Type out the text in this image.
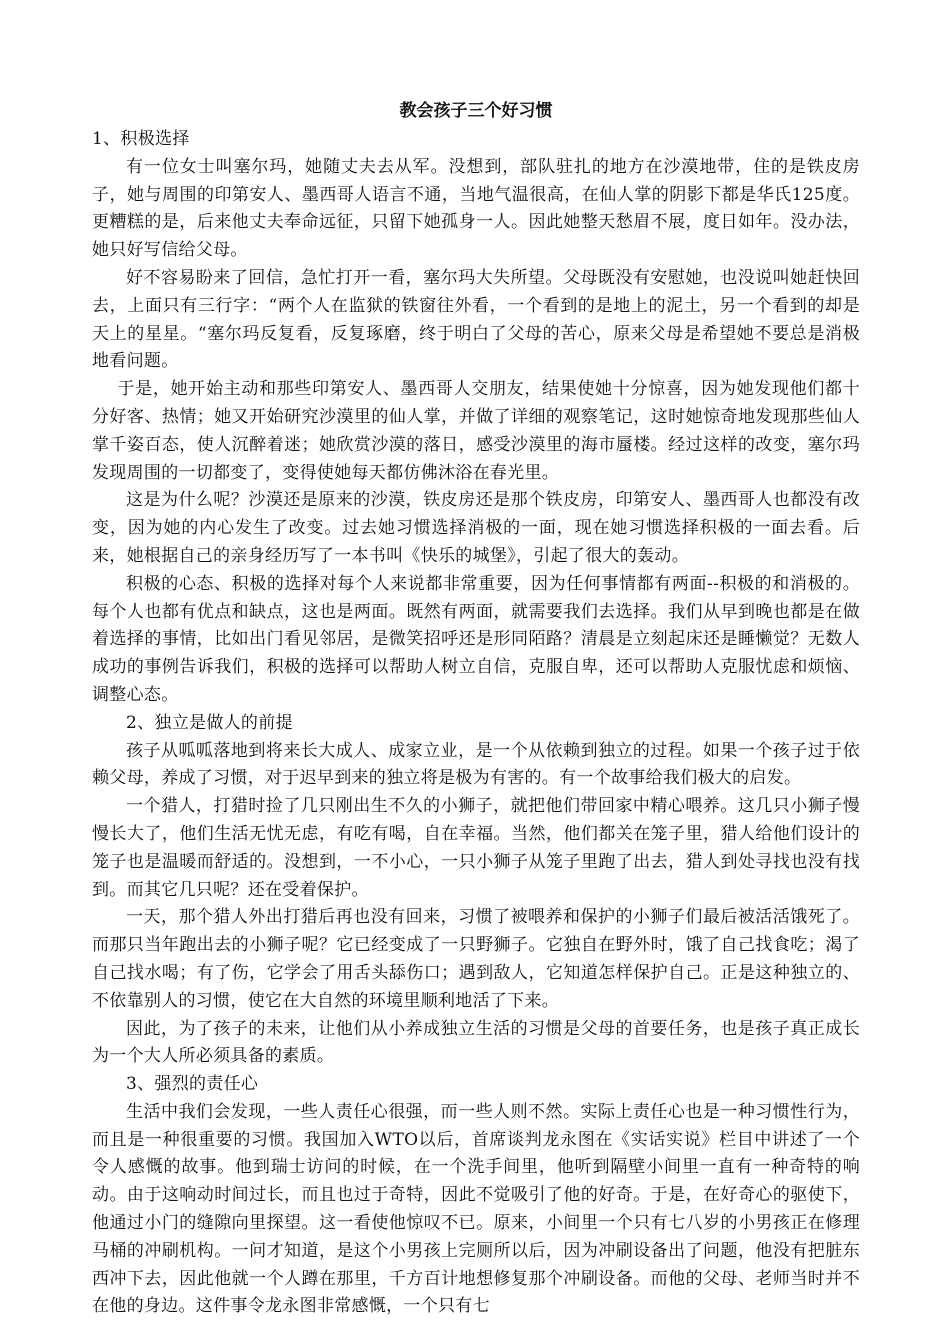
教会孩子三个好习惯
1、积极选择
有一位女士叫塞尔玛，她随丈夫去从军。没想到，部队驻扎的地方在沙漠地带，住的是铁皮房子，她与周围的印第安人、墨西哥人语言不通，当地气温很高，在仙人掌的阴影下都是华氏125度。更糟糕的是，后来他丈夫奉命远征，只留下她孤身一人。因此她整天愁眉不展，度日如年。没办法，她只好写信给父母。
好不容易盼来了回信，急忙打开一看，塞尔玛大失所望。父母既没有安慰她，也没说叫她赶快回去，上面只有三行字：“两个人在监狱的铁窗往外看，一个看到的是地上的泥土，另一个看到的却是天上的星星。“塞尔玛反复看，反复琢磨，终于明白了父母的苦心，原来父母是希望她不要总是消极地看问题。
于是，她开始主动和那些印第安人、墨西哥人交朋友，结果使她十分惊喜，因为她发现他们都十分好客、热情；她又开始研究沙漠里的仙人掌，并做了详细的观察笔记，这时她惊奇地发现那些仙人掌千姿百态，使人沉醉着迷；她欣赏沙漠的落日，感受沙漠里的海市蜃楼。经过这样的改变，塞尔玛发现周围的一切都变了，变得使她每天都仿佛沐浴在春光里。
这是为什么呢？沙漠还是原来的沙漠，铁皮房还是那个铁皮房，印第安人、墨西哥人也都没有改变，因为她的内心发生了改变。过去她习惯选择消极的一面，现在她习惯选择积极的一面去看。后来，她根据自己的亲身经历写了一本书叫《快乐的城堡》，引起了很大的轰动。
积极的心态、积极的选择对每个人来说都非常重要，因为任何事情都有两面--积极的和消极的。每个人也都有优点和缺点，这也是两面。既然有两面，就需要我们去选择。我们从早到晚也都是在做着选择的事情，比如出门看见邻居，是微笑招呼还是形同陌路？清晨是立刻起床还是睡懒觉？无数人成功的事例告诉我们，积极的选择可以帮助人树立自信，克服自卑，还可以帮助人克服忧虑和烦恼、调整心态。
2、独立是做人的前提
孩子从呱呱落地到将来长大成人、成家立业，是一个从依赖到独立的过程。如果一个孩子过于依赖父母，养成了习惯，对于迟早到来的独立将是极为有害的。有一个故事给我们极大的启发。
一个猎人，打猎时捡了几只刚出生不久的小狮子，就把他们带回家中精心喂养。这几只小狮子慢慢长大了，他们生活无忧无虑，有吃有喝，自在幸福。当然，他们都关在笼子里，猎人给他们设计的笼子也是温暖而舒适的。没想到，一不小心，一只小狮子从笼子里跑了出去，猎人到处寻找也没有找到。而其它几只呢？还在受着保护。
一天，那个猎人外出打猎后再也没有回来，习惯了被喂养和保护的小狮子们最后被活活饿死了。而那只当年跑出去的小狮子呢？它已经变成了一只野狮子。它独自在野外时，饿了自己找食吃；渴了自己找水喝；有了伤，它学会了用舌头舔伤口；遇到敌人，它知道怎样保护自己。正是这种独立的、不依靠别人的习惯，使它在大自然的环境里顺利地活了下来。
因此，为了孩子的未来，让他们从小养成独立生活的习惯是父母的首要任务，也是孩子真正成长为一个大人所必须具备的素质。
3、强烈的责任心
生活中我们会发现，一些人责任心很强，而一些人则不然。实际上责任心也是一种习惯性行为，而且是一种很重要的习惯。我国加入WTO以后，首席谈判龙永图在《实话实说》栏目中讲述了一个令人感慨的故事。他到瑞士访问的时候，在一个洗手间里，他听到隔壁小间里一直有一种奇特的响动。由于这响动时间过长，而且也过于奇特，因此不觉吸引了他的好奇。于是，在好奇心的驱使下，他通过小门的缝隙向里探望。这一看使他惊叹不已。原来，小间里一个只有七八岁的小男孩正在修理马桶的冲刷机构。一问才知道，是这个小男孩上完厕所以后，因为冲刷设备出了问题，他没有把脏东西冲下去，因此他就一个人蹲在那里，千方百计地想修复那个冲刷设备。而他的父母、老师当时并不在他的身边。这件事令龙永图非常感慨，一个只有七
